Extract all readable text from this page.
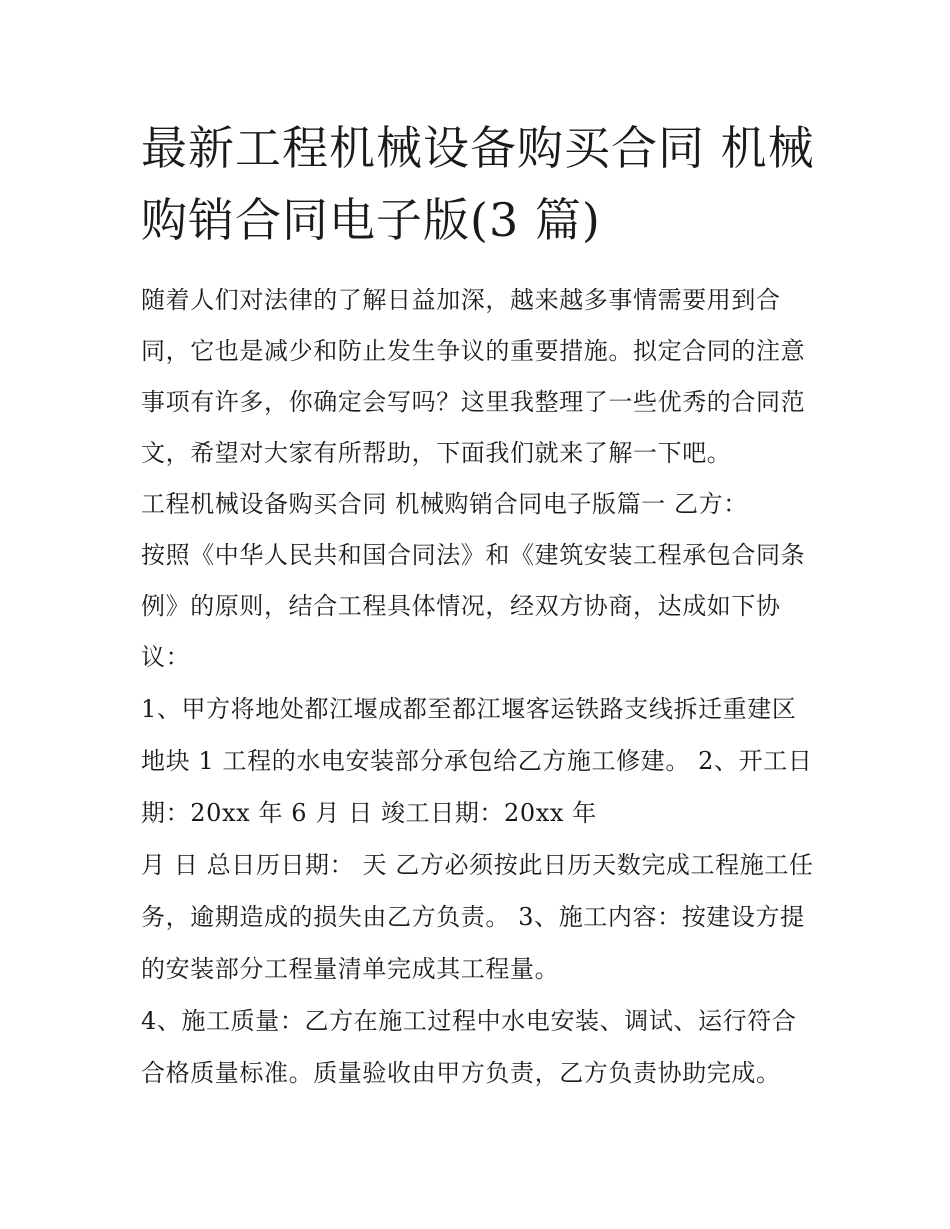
最新工程机械设备购买合同 机械购销合同电子版(3 篇)

随着人们对法律的了解日益加深，越来越多事情需要用到合同，它也是减少和防止发生争议的重要措施。拟定合同的注意事项有许多，你确定会写吗？这里我整理了一些优秀的合同范文，希望对大家有所帮助，下面我们就来了解一下吧。

工程机械设备购买合同 机械购销合同电子版篇一 乙方：

按照《中华人民共和国合同法》和《建筑安装工程承包合同条例》的原则，结合工程具体情况，经双方协商，达成如下协议：

1、甲方将地处都江堰成都至都江堰客运铁路支线拆迁重建区地块 1 工程的水电安装部分承包给乙方施工修建。 2、开工日期：20xx 年 6 月 日 竣工日期：20xx 年

月 日 总日历日期： 天 乙方必须按此日历天数完成工程施工任务，逾期造成的损失由乙方负责。 3、施工内容：按建设方提的安装部分工程量清单完成其工程量。

4、施工质量：乙方在施工过程中水电安装、调试、运行符合合格质量标准。质量验收由甲方负责，乙方负责协助完成。
